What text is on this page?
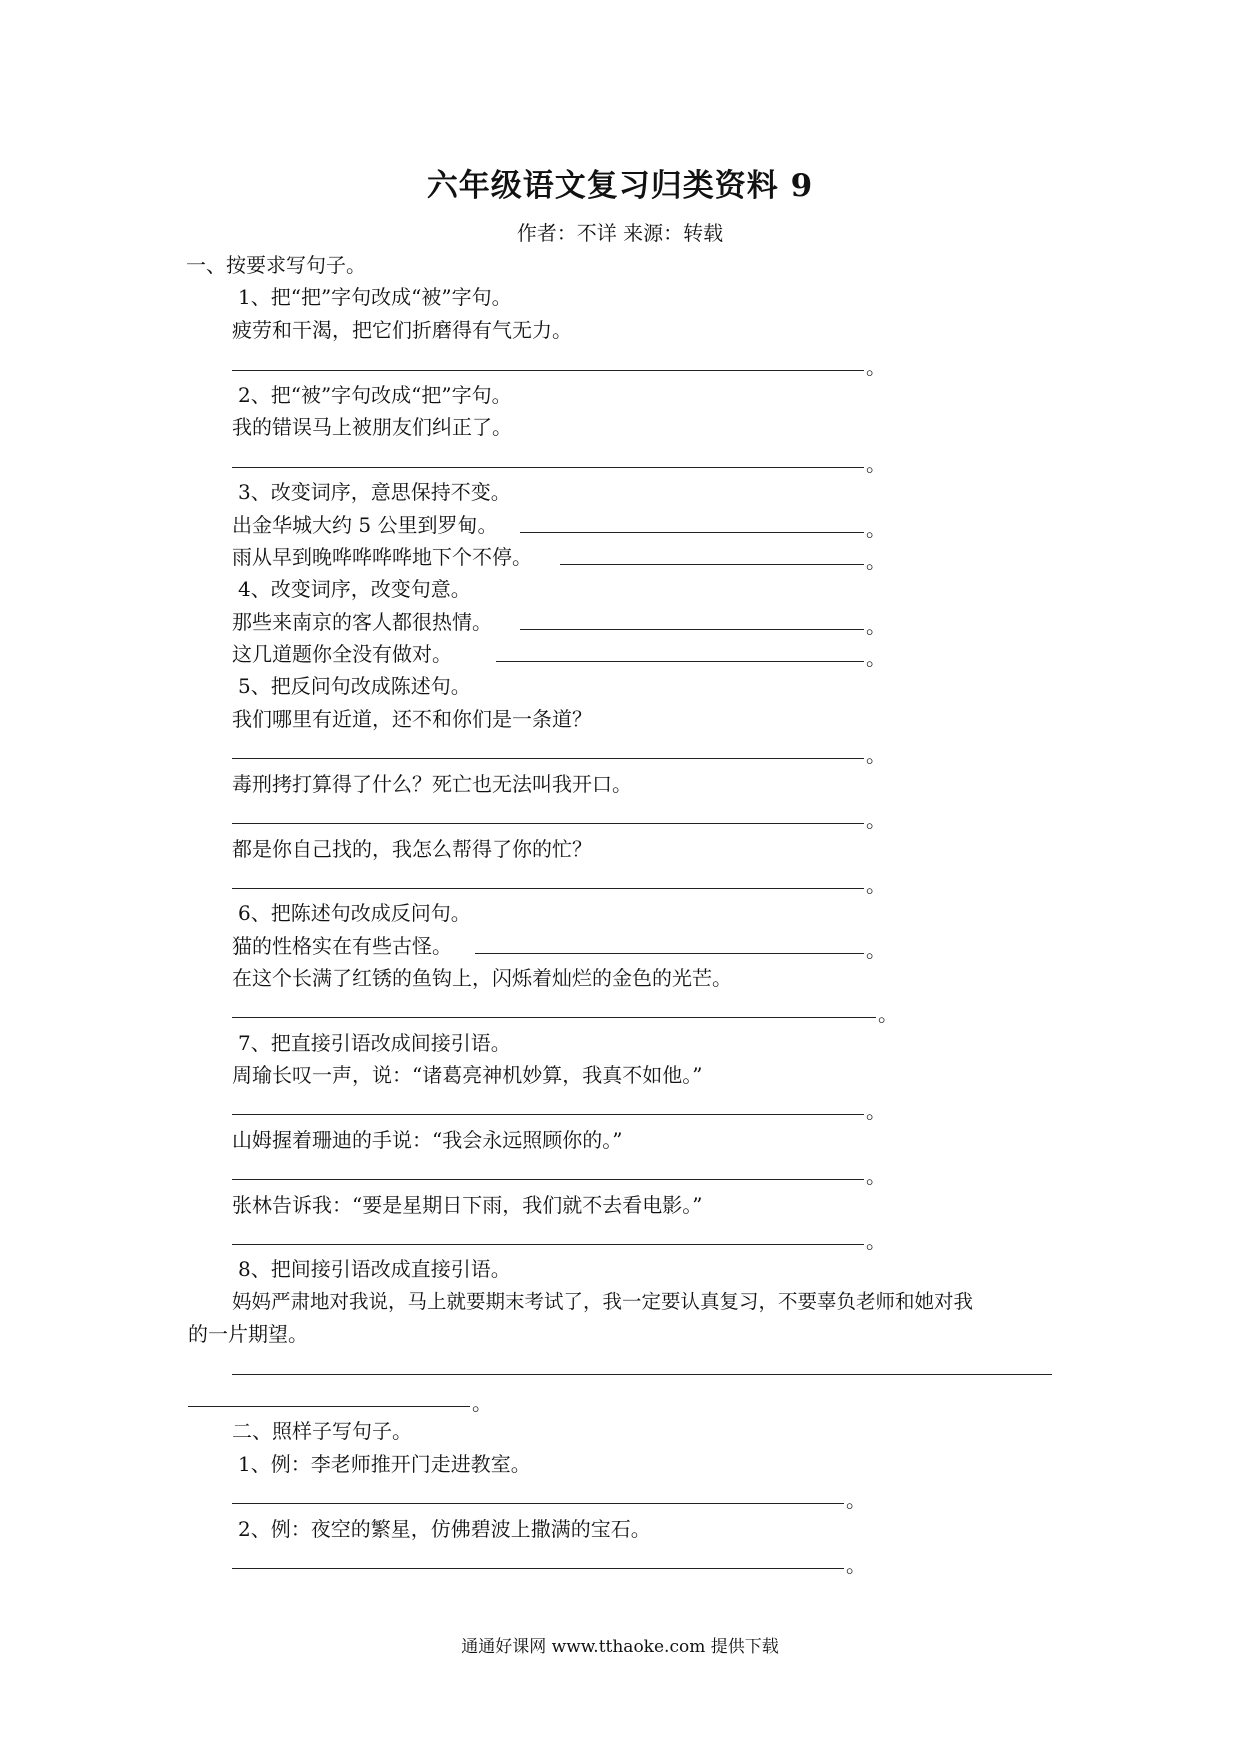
六年级语文复习归类资料 9
作者：不详 来源：转载
一、按要求写句子。
1、把“把”字句改成“被”字句。
疲劳和干渴，把它们折磨得有气无力。
。
2、把“被”字句改成“把”字句。
我的错误马上被朋友们纠正了。
。
3、改变词序，意思保持不变。
出金华城大约 5 公里到罗甸。	。
雨从早到晚哗哗哗哗地下个不停。	。
4、改变词序，改变句意。
那些来南京的客人都很热情。	。
这几道题你全没有做对。	。
5、把反问句改成陈述句。
我们哪里有近道，还不和你们是一条道？
。
毒刑拷打算得了什么？死亡也无法叫我开口。
。
都是你自己找的，我怎么帮得了你的忙？
。
6、把陈述句改成反问句。
猫的性格实在有些古怪。	。
在这个长满了红锈的鱼钩上，闪烁着灿烂的金色的光芒。
。
7、把直接引语改成间接引语。
周瑜长叹一声，说：“诸葛亮神机妙算，我真不如他。”
。
山姆握着珊迪的手说：“我会永远照顾你的。”
。
张林告诉我：“要是星期日下雨，我们就不去看电影。”
。
8、把间接引语改成直接引语。
妈妈严肃地对我说，马上就要期末考试了，我一定要认真复习，不要辜负老师和她对我
的一片期望。
。
二、照样子写句子。
1、例：李老师推开门走进教室。
。
2、例：夜空的繁星，仿佛碧波上撒满的宝石。
。
通通好课网 www.tthaoke.com 提供下载
